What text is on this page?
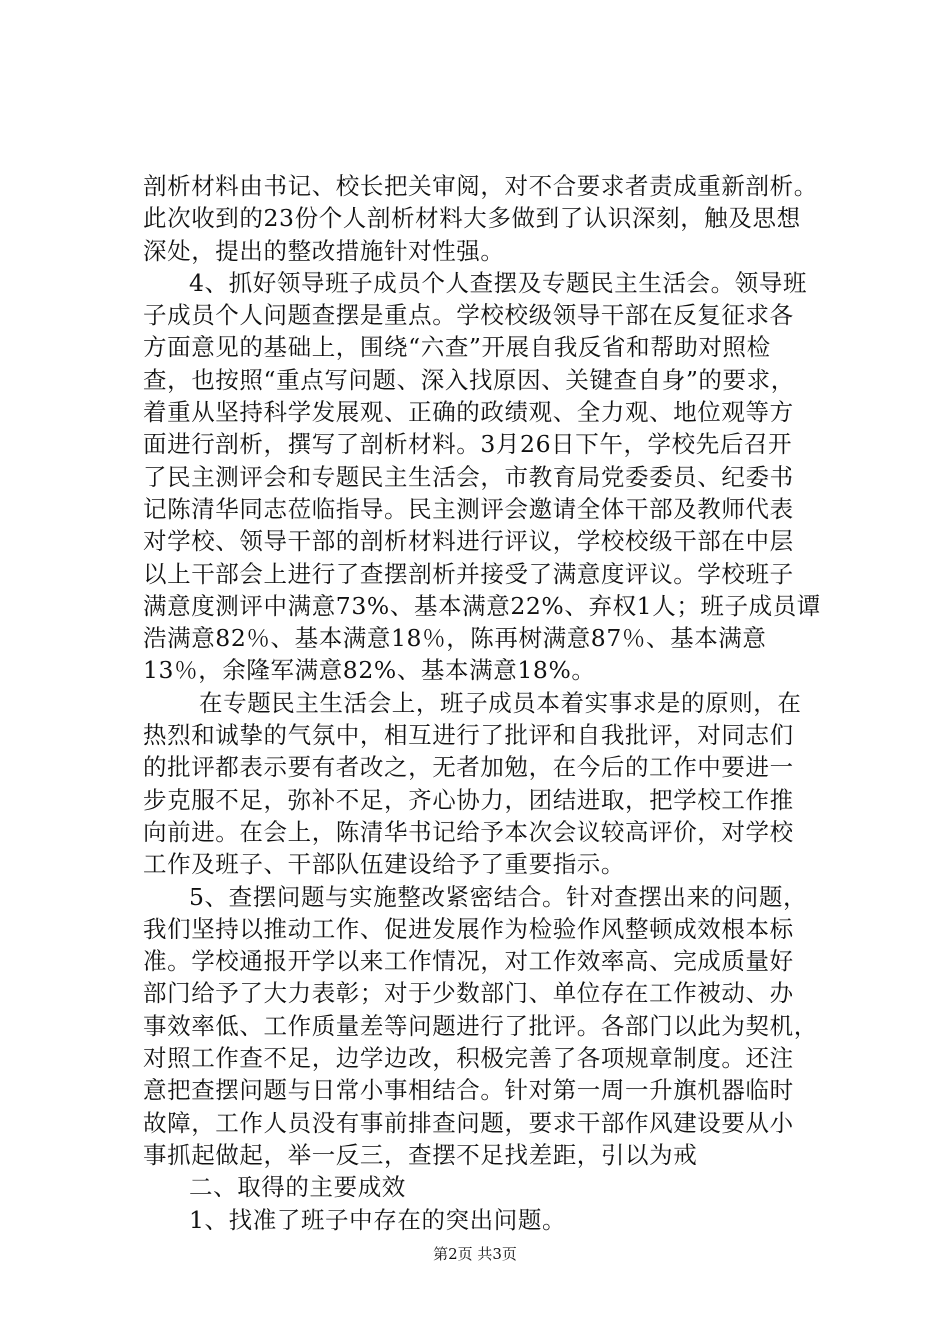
剖析材料由书记、校长把关审阅，对不合要求者责成重新剖析。
此次收到的23份个人剖析材料大多做到了认识深刻，触及思想
深处，提出的整改措施针对性强。
4、抓好领导班子成员个人查摆及专题民主生活会。领导班
子成员个人问题查摆是重点。学校校级领导干部在反复征求各
方面意见的基础上，围绕“六查”开展自我反省和帮助对照检
查，也按照“重点写问题、深入找原因、关键查自身”的要求，
着重从坚持科学发展观、正确的政绩观、全力观、地位观等方
面进行剖析，撰写了剖析材料。3月26日下午，学校先后召开
了民主测评会和专题民主生活会，市教育局党委委员、纪委书
记陈清华同志莅临指导。民主测评会邀请全体干部及教师代表
对学校、领导干部的剖析材料进行评议，学校校级干部在中层
以上干部会上进行了查摆剖析并接受了满意度评议。学校班子
满意度测评中满意73%、基本满意22%、弃权1人；班子成员谭
浩满意82％、基本满意18％，陈再树满意87％、基本满意
13％，余隆军满意82%、基本满意18%。
在专题民主生活会上，班子成员本着实事求是的原则，在
热烈和诚挚的气氛中，相互进行了批评和自我批评，对同志们
的批评都表示要有者改之，无者加勉，在今后的工作中要进一
步克服不足，弥补不足，齐心协力，团结进取，把学校工作推
向前进。在会上，陈清华书记给予本次会议较高评价，对学校
工作及班子、干部队伍建设给予了重要指示。
5、查摆问题与实施整改紧密结合。针对查摆出来的问题，
我们坚持以推动工作、促进发展作为检验作风整顿成效根本标
准。学校通报开学以来工作情况，对工作效率高、完成质量好
部门给予了大力表彰；对于少数部门、单位存在工作被动、办
事效率低、工作质量差等问题进行了批评。各部门以此为契机，
对照工作查不足，边学边改，积极完善了各项规章制度。还注
意把查摆问题与日常小事相结合。针对第一周一升旗机器临时
故障，工作人员没有事前排查问题，要求干部作风建设要从小
事抓起做起，举一反三，查摆不足找差距，引以为戒
二、取得的主要成效
1、找准了班子中存在的突出问题。
第2页 共3页
